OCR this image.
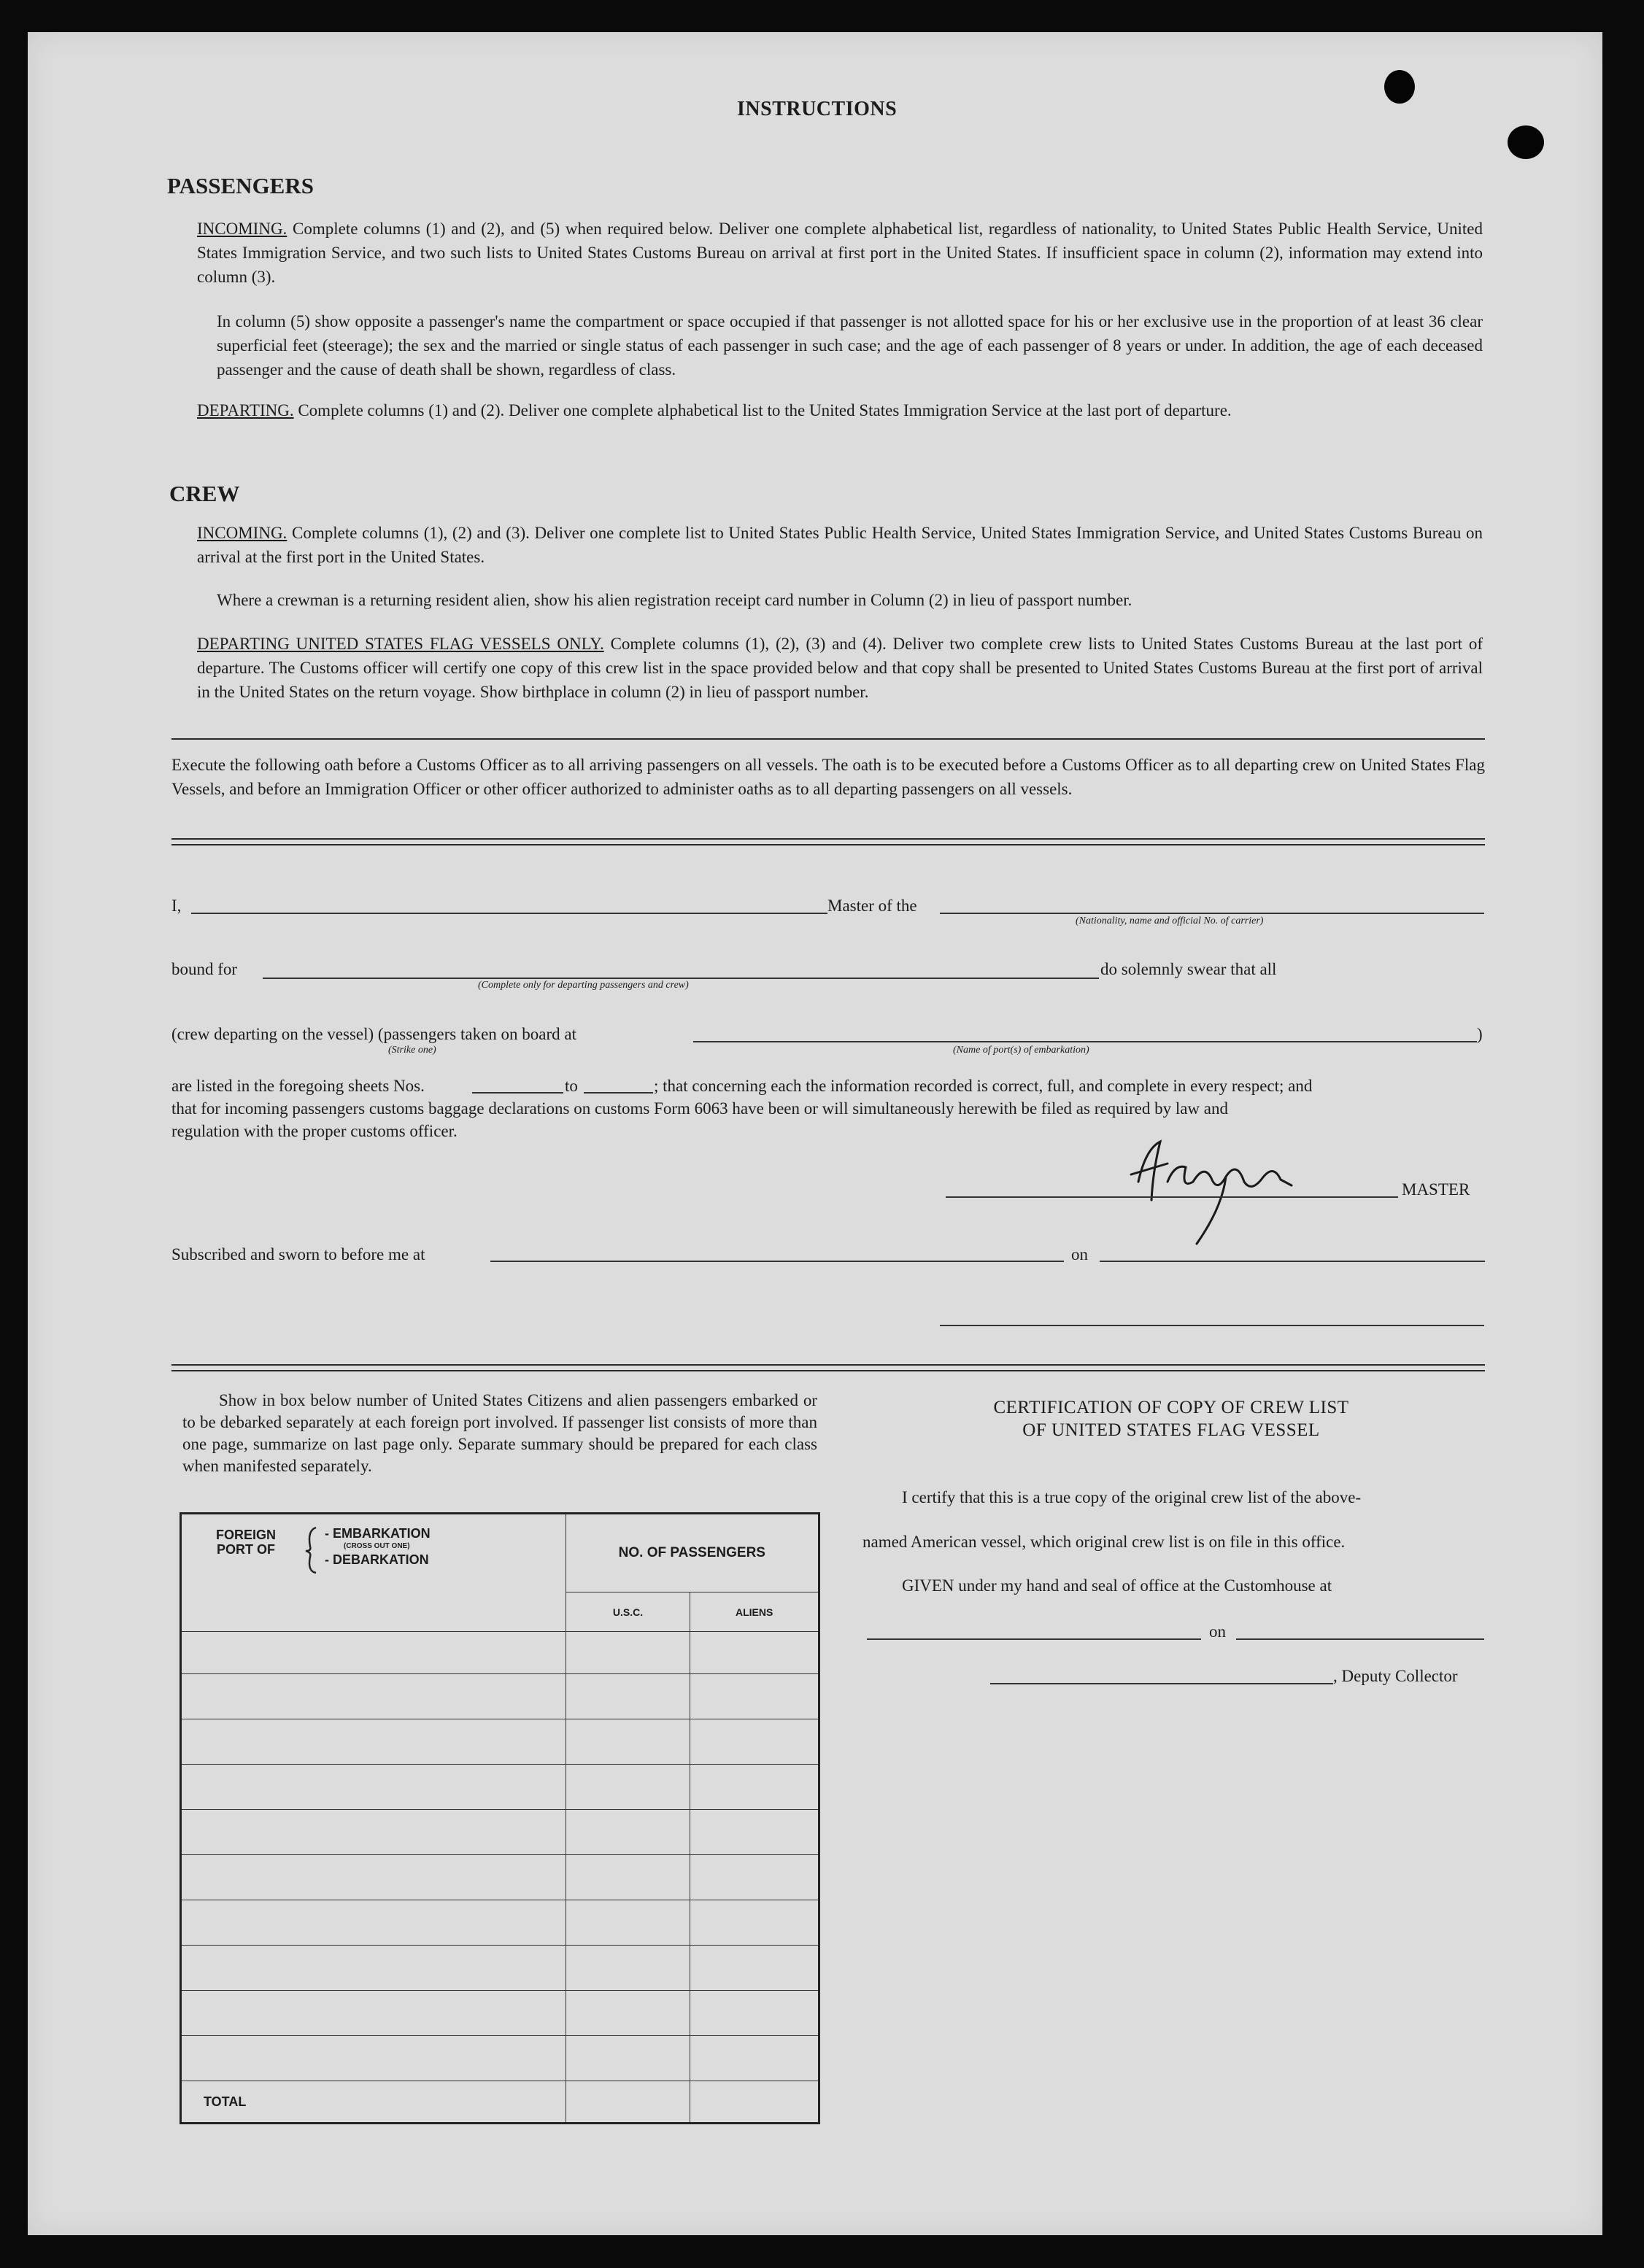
INSTRUCTIONS
PASSENGERS
INCOMING. Complete columns (1) and (2), and (5) when required below. Deliver one complete alphabetical list, regardless of nationality, to United States Public Health Service, United States Immigration Service, and two such lists to United States Customs Bureau on arrival at first port in the United States. If insufficient space in column (2), information may extend into column (3).
In column (5) show opposite a passenger's name the compartment or space occupied if that passenger is not allotted space for his or her exclusive use in the proportion of at least 36 clear superficial feet (steerage); the sex and the married or single status of each passenger in such case; and the age of each passenger of 8 years or under. In addition, the age of each deceased passenger and the cause of death shall be shown, regardless of class.
DEPARTING. Complete columns (1) and (2). Deliver one complete alphabetical list to the United States Immigration Service at the last port of departure.
CREW
INCOMING. Complete columns (1), (2) and (3). Deliver one complete list to United States Public Health Service, United States Immigration Service, and United States Customs Bureau on arrival at the first port in the United States.
Where a crewman is a returning resident alien, show his alien registration receipt card number in Column (2) in lieu of passport number.
DEPARTING UNITED STATES FLAG VESSELS ONLY. Complete columns (1), (2), (3) and (4). Deliver two complete crew lists to United States Customs Bureau at the last port of departure. The Customs officer will certify one copy of this crew list in the space provided below and that copy shall be presented to United States Customs Bureau at the first port of arrival in the United States on the return voyage. Show birthplace in column (2) in lieu of passport number.
Execute the following oath before a Customs Officer as to all arriving passengers on all vessels. The oath is to be executed before a Customs Officer as to all departing crew on United States Flag Vessels, and before an Immigration Officer or other officer authorized to administer oaths as to all departing passengers on all vessels.
I,	Master of the
(Nationality, name and official No. of carrier)
bound for
(Complete only for departing passengers and crew)
do solemnly swear that all
(crew departing on the vessel) (passengers taken on board at	)
(Strike one)	(Name of port(s) of embarkation)
are listed in the foregoing sheets Nos.	to	; that concerning each the information recorded is correct, full, and complete in every respect; and
that for incoming passengers customs baggage declarations on customs Form 6063 have been or will simultaneously herewith be filed as required by law and
regulation with the proper customs officer.
MASTER
Subscribed and sworn to before me at	on
Show in box below number of United States Citizens and alien passengers embarked or to be debarked separately at each foreign port involved. If passenger list consists of more than one page, summarize on last page only. Separate summary should be prepared for each class when manifested separately.
FOREIGN PORT OF
- EMBARKATION
(CROSS OUT ONE)
- DEBARKATION	NO. OF PASSENGERS	
	U.S.C.	ALIENS

TOTAL		
CERTIFICATION OF COPY OF CREW LIST
OF UNITED STATES FLAG VESSEL
I certify that this is a true copy of the original crew list of the above-
named American vessel, which original crew list is on file in this office.
GIVEN under my hand and seal of office at the Customhouse at
on
, Deputy Collector
